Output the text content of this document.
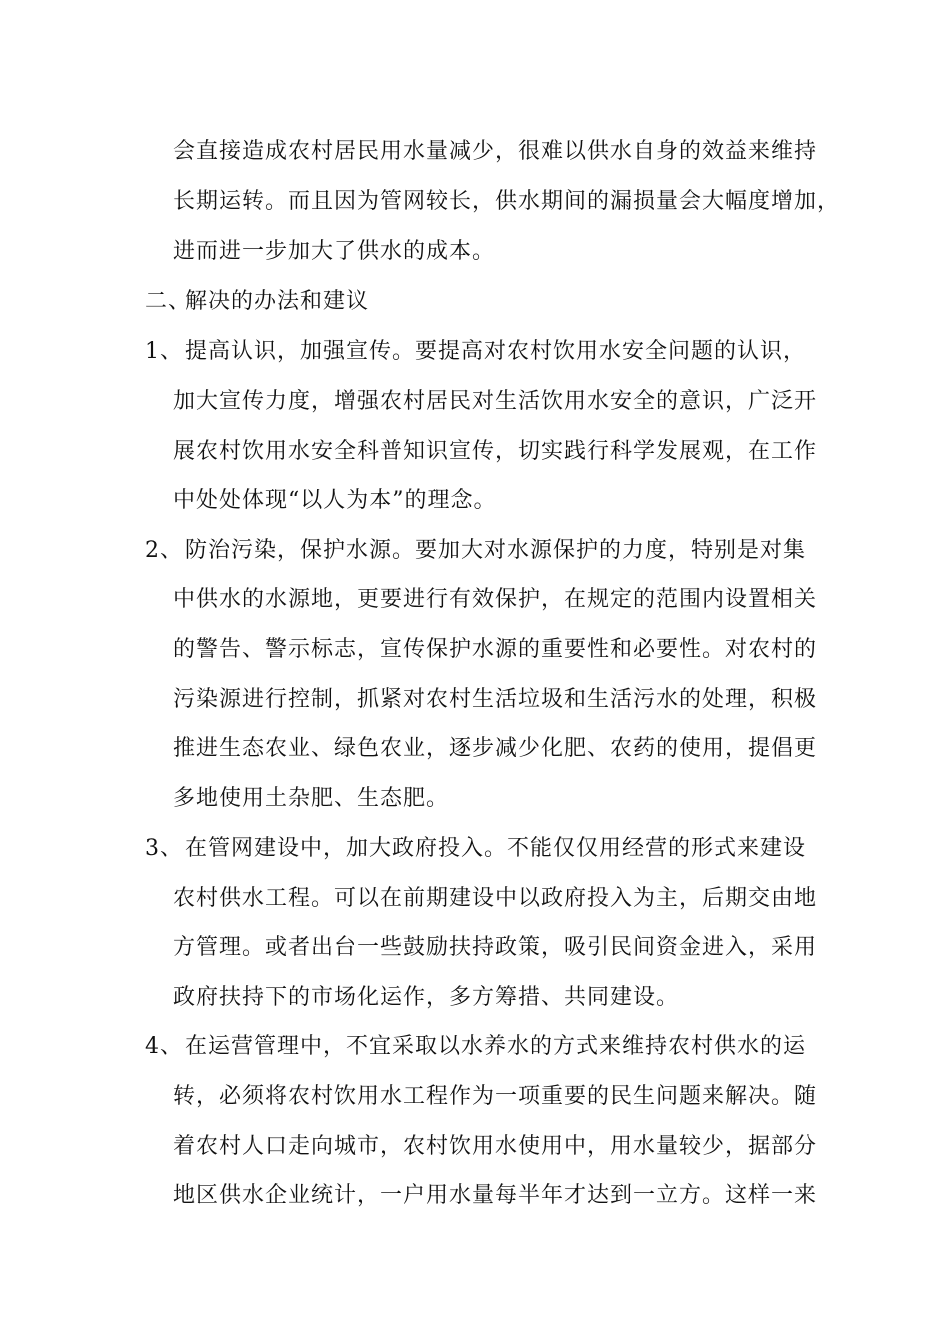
会直接造成农村居民用水量减少，很难以供水自身的效益来维持
长期运转。而且因为管网较长，供水期间的漏损量会大幅度增加，
进而进一步加大了供水的成本。
二、解决的办法和建议
1、提高认识，加强宣传。要提高对农村饮用水安全问题的认识，
加大宣传力度，增强农村居民对生活饮用水安全的意识，广泛开
展农村饮用水安全科普知识宣传，切实践行科学发展观，在工作
中处处体现“以人为本”的理念。
2、防治污染，保护水源。要加大对水源保护的力度，特别是对集
中供水的水源地，更要进行有效保护，在规定的范围内设置相关
的警告、警示标志，宣传保护水源的重要性和必要性。对农村的
污染源进行控制，抓紧对农村生活垃圾和生活污水的处理，积极
推进生态农业、绿色农业，逐步减少化肥、农药的使用，提倡更
多地使用土杂肥、生态肥。
3、在管网建设中，加大政府投入。不能仅仅用经营的形式来建设
农村供水工程。可以在前期建设中以政府投入为主，后期交由地
方管理。或者出台一些鼓励扶持政策，吸引民间资金进入，采用
政府扶持下的市场化运作，多方筹措、共同建设。
4、在运营管理中，不宜采取以水养水的方式来维持农村供水的运
转，必须将农村饮用水工程作为一项重要的民生问题来解决。随
着农村人口走向城市，农村饮用水使用中，用水量较少，据部分
地区供水企业统计，一户用水量每半年才达到一立方。这样一来
